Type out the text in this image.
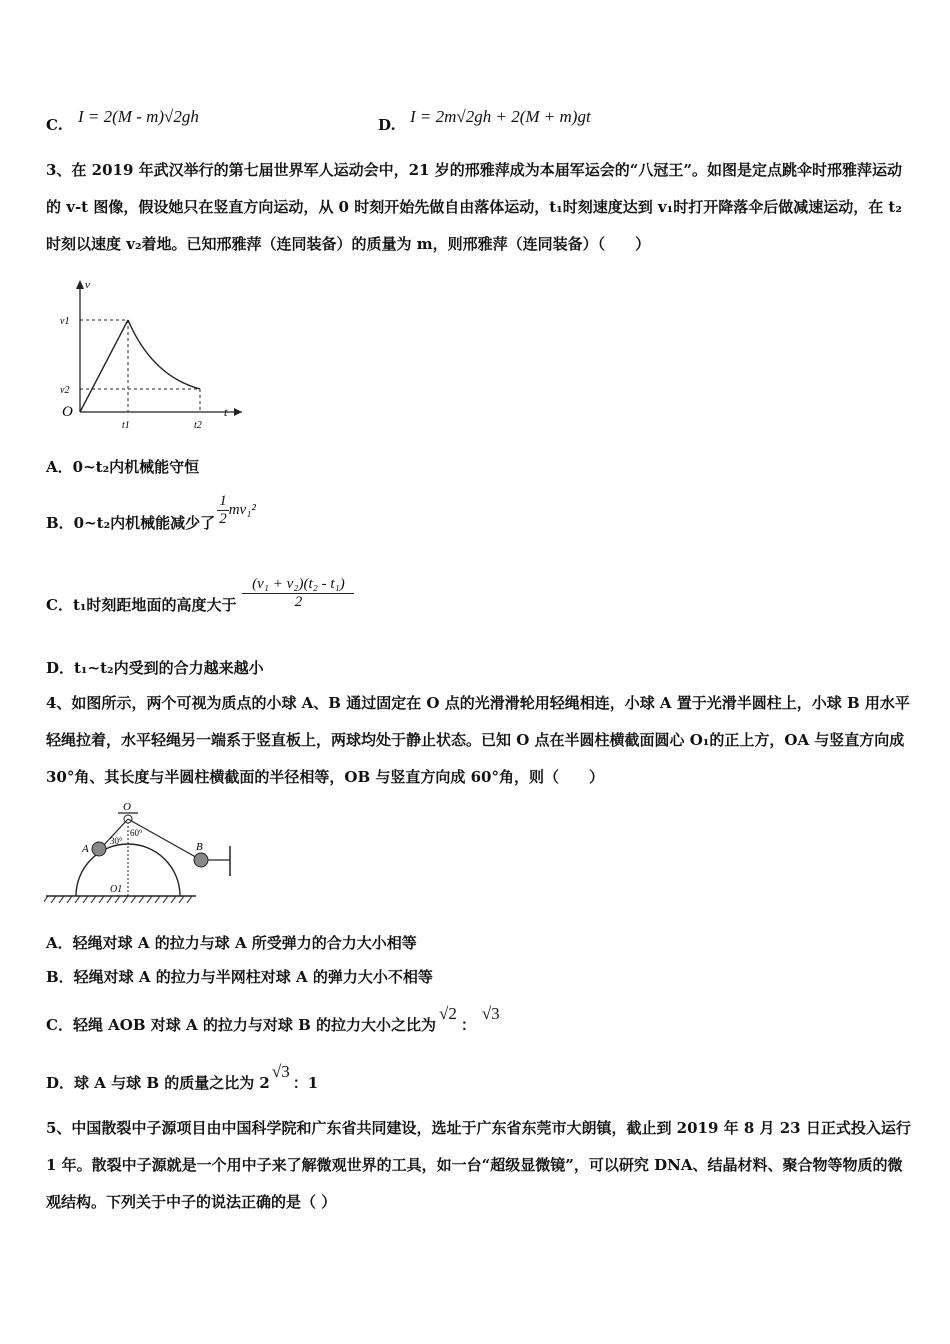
C. I = 2(M - m)√2gh	D. I = 2m√2gh + 2(M + m)gt
3、在 2019 年武汉举行的第七届世界军人运动会中，21 岁的邢雅萍成为本届军运会的“八冠王”。如图是定点跳伞时邢雅萍运动的 v-t 图像，假设她只在竖直方向运动，从 0 时刻开始先做自由落体运动，t₁时刻速度达到 v₁时打开降落伞后做减速运动，在 t₂时刻以速度 v₂着地。已知邢雅萍（连同装备）的质量为 m，则邢雅萍（连同装备）（　　）
v
t
O
v1
v2
t1	t2
A．0~t₂内机械能守恒
B．0~t₂内机械能减少了 $\frac{1}{2} mv_1^2$
C．t₁时刻距地面的高度大于 $\frac{\text{(v₁ + v₂)(t₂ - t₁)}}{2}$
D．t₁~t₂内受到的合力越来越小
4、如图所示，两个可视为质点的小球 A、B 通过固定在 O 点的光滑滑轮用轻绳相连，小球 A 置于光滑半圆柱上，小球 B 用水平轻绳拉着，水平轻绳另一端系于竖直板上，两球均处于静止状态。已知 O 点在半圆柱横截面圆心 O₁的正上方，OA 与竖直方向成 30°角、其长度与半圆柱横截面的半径相等，OB 与竖直方向成 60°角，则（　　）
O
A	B
30°
60°
O1
A．轻绳对球 A 的拉力与球 A 所受弹力的合力大小相等
B．轻绳对球 A 的拉力与半网柱对球 A 的弹力大小不相等
C．轻绳 AOB 对球 A 的拉力与对球 B 的拉力大小之比为
√2
：
√3
D．球 A 与球 B 的质量之比为 2
√3
：1
5、中国散裂中子源项目由中国科学院和广东省共同建设，选址于广东省东莞市大朗镇，截止到 2019 年 8 月 23 日正式投入运行 1 年。散裂中子源就是一个用中子来了解微观世界的工具，如一台“超级显微镜”，可以研究 DNA、结晶材料、聚合物等物质的微观结构。下列关于中子的说法正确的是（ ）
